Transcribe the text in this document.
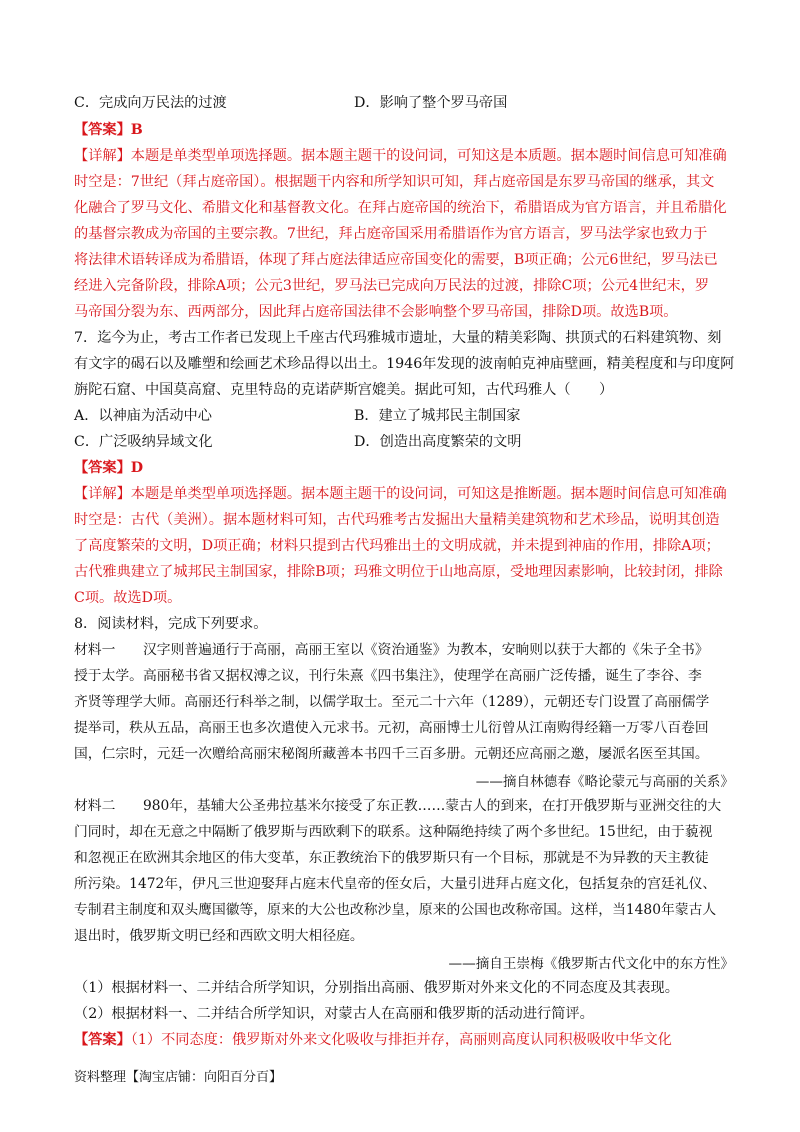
C．完成向万民法的过渡	D．影响了整个罗马帝国
【答案】B
【详解】本题是单类型单项选择题。据本题主题干的设问词，可知这是本质题。据本题时间信息可知准确
时空是：7世纪（拜占庭帝国）。根据题干内容和所学知识可知，拜占庭帝国是东罗马帝国的继承，其文
化融合了罗马文化、希腊文化和基督教文化。在拜占庭帝国的统治下，希腊语成为官方语言，并且希腊化
的基督宗教成为帝国的主要宗教。7世纪，拜占庭帝国采用希腊语作为官方语言，罗马法学家也致力于
将法律术语转译成为希腊语，体现了拜占庭法律适应帝国变化的需要，B项正确；公元6世纪，罗马法已
经进入完备阶段，排除A项；公元3世纪，罗马法已完成向万民法的过渡，排除C项；公元4世纪末，罗
马帝国分裂为东、西两部分，因此拜占庭帝国法律不会影响整个罗马帝国，排除D项。故选B项。
7．迄今为止，考古工作者已发现上千座古代玛雅城市遗址，大量的精美彩陶、拱顶式的石料建筑物、刻
有文字的碣石以及雕塑和绘画艺术珍品得以出土。1946年发现的波南帕克神庙壁画，精美程度和与印度阿
旃陀石窟、中国莫高窟、克里特岛的克诺萨斯宫媲美。据此可知，古代玛雅人（　　）
A．以神庙为活动中心	B．建立了城邦民主制国家
C．广泛吸纳异域文化	D．创造出高度繁荣的文明
【答案】D
【详解】本题是单类型单项选择题。据本题主题干的设问词，可知这是推断题。据本题时间信息可知准确
时空是：古代（美洲）。据本题材料可知，古代玛雅考古发掘出大量精美建筑物和艺术珍品，说明其创造
了高度繁荣的文明，D项正确；材料只提到古代玛雅出土的文明成就，并未提到神庙的作用，排除A项；
古代雅典建立了城邦民主制国家，排除B项；玛雅文明位于山地高原，受地理因素影响，比较封闭，排除
C项。故选D项。
8．阅读材料，完成下列要求。
材料一　　汉字则普遍通行于高丽，高丽王室以《资治通鉴》为教本，安晌则以获于大都的《朱子全书》
授于太学。高丽秘书省又据权溥之议，刊行朱熹《四书集注》，使理学在高丽广泛传播，诞生了李谷、李
齐贤等理学大师。高丽还行科举之制，以儒学取士。至元二十六年（1289），元朝还专门设置了高丽儒学
提举司，秩从五品，高丽王也多次遣使入元求书。元初，高丽博士儿衍曾从江南购得经籍一万零八百卷回
国，仁宗时，元廷一次赠给高丽宋秘阁所藏善本书四千三百多册。元朝还应高丽之邀，屡派名医至其国。
——摘自林德春《略论蒙元与高丽的关系》
材料二　　980年，基辅大公圣弗拉基米尔接受了东正教……蒙古人的到来，在打开俄罗斯与亚洲交往的大
门同时，却在无意之中隔断了俄罗斯与西欧剩下的联系。这种隔绝持续了两个多世纪。15世纪，由于藐视
和忽视正在欧洲其余地区的伟大变革，东正教统治下的俄罗斯只有一个目标，那就是不为异教的天主教徒
所污染。1472年，伊凡三世迎娶拜占庭末代皇帝的侄女后，大量引进拜占庭文化，包括复杂的宫廷礼仪、
专制君主制度和双头鹰国徽等，原来的大公也改称沙皇，原来的公国也改称帝国。这样，当1480年蒙古人
退出时，俄罗斯文明已经和西欧文明大相径庭。
——摘自王崇梅《俄罗斯古代文化中的东方性》
（1）根据材料一、二并结合所学知识，分别指出高丽、俄罗斯对外来文化的不同态度及其表现。
（2）根据材料一、二并结合所学知识，对蒙古人在高丽和俄罗斯的活动进行简评。
【答案】（1）不同态度：俄罗斯对外来文化吸收与排拒并存，高丽则高度认同积极吸收中华文化
资料整理【淘宝店铺：向阳百分百】
